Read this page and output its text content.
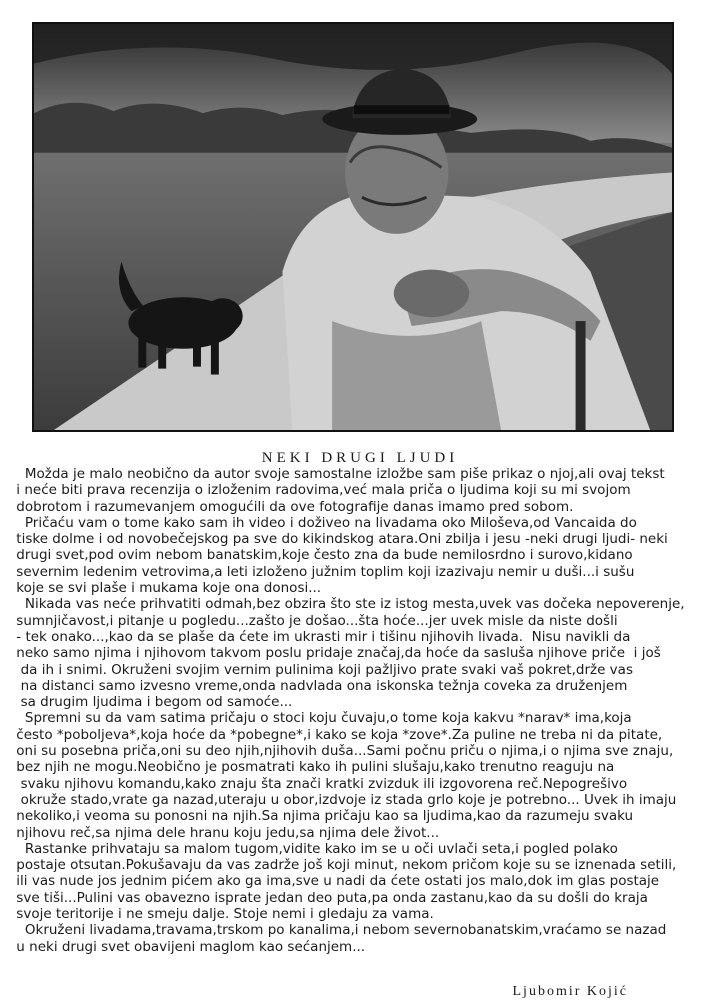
NEKI DRUGI LJUDI
Možda je malo neobično da autor svoje samostalne izložbe sam piše prikaz o njoj,ali ovaj tekst
i neće biti prava recenzija o izloženim radovima,već mala priča o ljudima koji su mi svojom
dobrotom i razumevanjem omogućili da ove fotografije danas imamo pred sobom.
Pričaću vam o tome kako sam ih video i doživeo na livadama oko Miloševa,od Vancaida do
tiske dolme i od novobečejskog pa sve do kikindskog atara.Oni zbilja i jesu -neki drugi ljudi- neki
drugi svet,pod ovim nebom banatskim,koje često zna da bude nemilosrdno i surovo,kidano
severnim ledenim vetrovima,a leti izloženo južnim toplim koji izazivaju nemir u duši...i sušu
koje se svi plaše i mukama koje ona donosi...
Nikada vas neće prihvatiti odmah,bez obzira što ste iz istog mesta,uvek vas dočeka nepoverenje,
sumnjičavost,i pitanje u pogledu...zašto je došao...šta hoće...jer uvek misle da niste došli
- tek onako...,kao da se plaše da ćete im ukrasti mir i tišinu njihovih livada.  Nisu navikli da
neko samo njima i njihovom takvom poslu pridaje značaj,da hoće da sasluša njihove priče  i još
da ih i snimi. Okruženi svojim vernim pulinima koji pažljivo prate svaki vaš pokret,drže vas
na distanci samo izvesno vreme,onda nadvlada ona iskonska težnja coveka za druženjem
sa drugim ljudima i begom od samoće...
Spremni su da vam satima pričaju o stoci koju čuvaju,o tome koja kakvu *narav* ima,koja
često *poboljeva*,koja hoće da *pobegne*,i kako se koja *zove*.Za puline ne treba ni da pitate,
oni su posebna priča,oni su deo njih,njihovih duša...Sami počnu priču o njima,i o njima sve znaju,
bez njih ne mogu.Neobično je posmatrati kako ih pulini slušaju,kako trenutno reaguju na
svaku njihovu komandu,kako znaju šta znači kratki zvizduk ili izgovorena reč.Nepogrešivo
okruže stado,vrate ga nazad,uteraju u obor,izdvoje iz stada grlo koje je potrebno... Uvek ih imaju
nekoliko,i veoma su ponosni na njih.Sa njima pričaju kao sa ljudima,kao da razumeju svaku
njihovu reč,sa njima dele hranu koju jedu,sa njima dele život...
Rastanke prihvataju sa malom tugom,vidite kako im se u oči uvlači seta,i pogled polako
postaje otsutan.Pokušavaju da vas zadrže još koji minut, nekom pričom koje su se iznenada setili,
ili vas nude jos jednim pićem ako ga ima,sve u nadi da ćete ostati jos malo,dok im glas postaje
sve tiši...Pulini vas obavezno isprate jedan deo puta,pa onda zastanu,kao da su došli do kraja
svoje teritorije i ne smeju dalje. Stoje nemi i gledaju za vama.
Okruženi livadama,travama,trskom po kanalima,i nebom severnobanatskim,vraćamo se nazad
u neki drugi svet obavijeni maglom kao sećanjem...
Ljubomir Kojić
